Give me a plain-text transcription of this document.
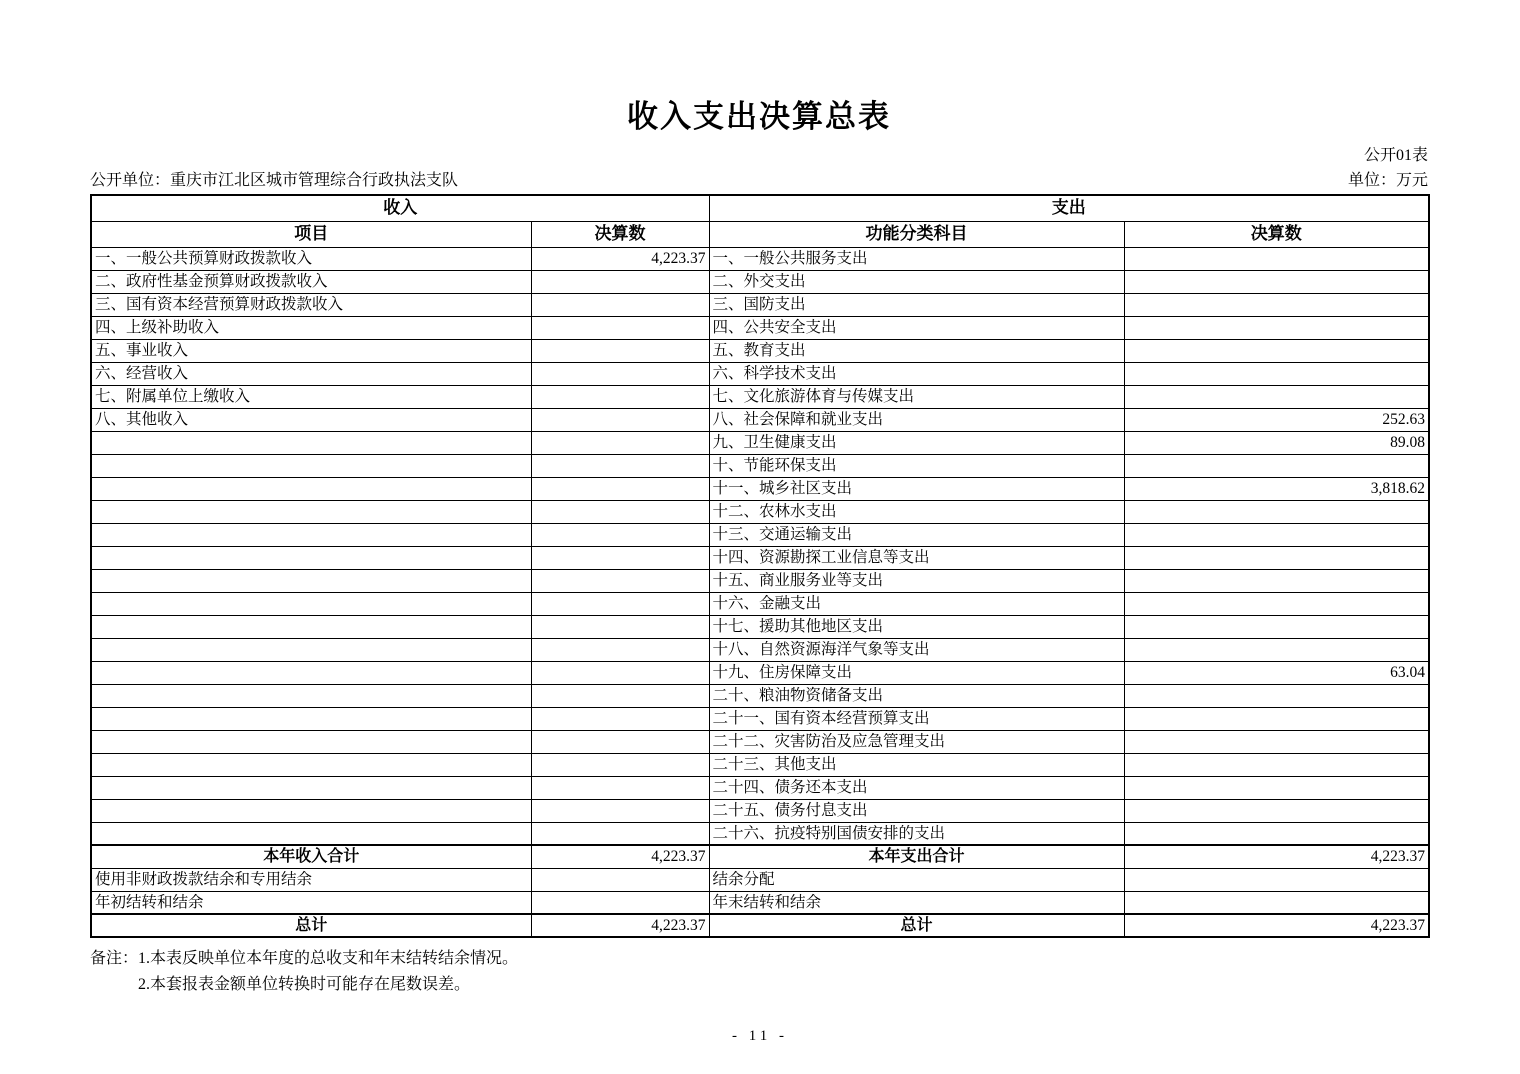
收入支出决算总表
公开01表
公开单位：重庆市江北区城市管理综合行政执法支队	单位：万元
收入		支出	
项目	决算数	功能分类科目	决算数
一、一般公共预算财政拨款收入	4,223.37	一、一般公共服务支出	
二、政府性基金预算财政拨款收入		二、外交支出	
三、国有资本经营预算财政拨款收入		三、国防支出	
四、上级补助收入		四、公共安全支出	
五、事业收入		五、教育支出	
六、经营收入		六、科学技术支出	
七、附属单位上缴收入		七、文化旅游体育与传媒支出	
八、其他收入		八、社会保障和就业支出	252.63
		九、卫生健康支出	89.08
		十、节能环保支出	
		十一、城乡社区支出	3,818.62
		十二、农林水支出	
		十三、交通运输支出	
		十四、资源勘探工业信息等支出	
		十五、商业服务业等支出	
		十六、金融支出	
		十七、援助其他地区支出	
		十八、自然资源海洋气象等支出	
		十九、住房保障支出	63.04
		二十、粮油物资储备支出	
		二十一、国有资本经营预算支出	
		二十二、灾害防治及应急管理支出	
		二十三、其他支出	
		二十四、债务还本支出	
		二十五、债务付息支出	
		二十六、抗疫特别国债安排的支出	
本年收入合计	4,223.37	本年支出合计	4,223.37
使用非财政拨款结余和专用结余		结余分配	
年初结转和结余		年末结转和结余	
总计	4,223.37	总计	4,223.37
备注： 1.本表反映单位本年度的总收支和年末结转结余情况。
2.本套报表金额单位转换时可能存在尾数误差。
- 11 -
